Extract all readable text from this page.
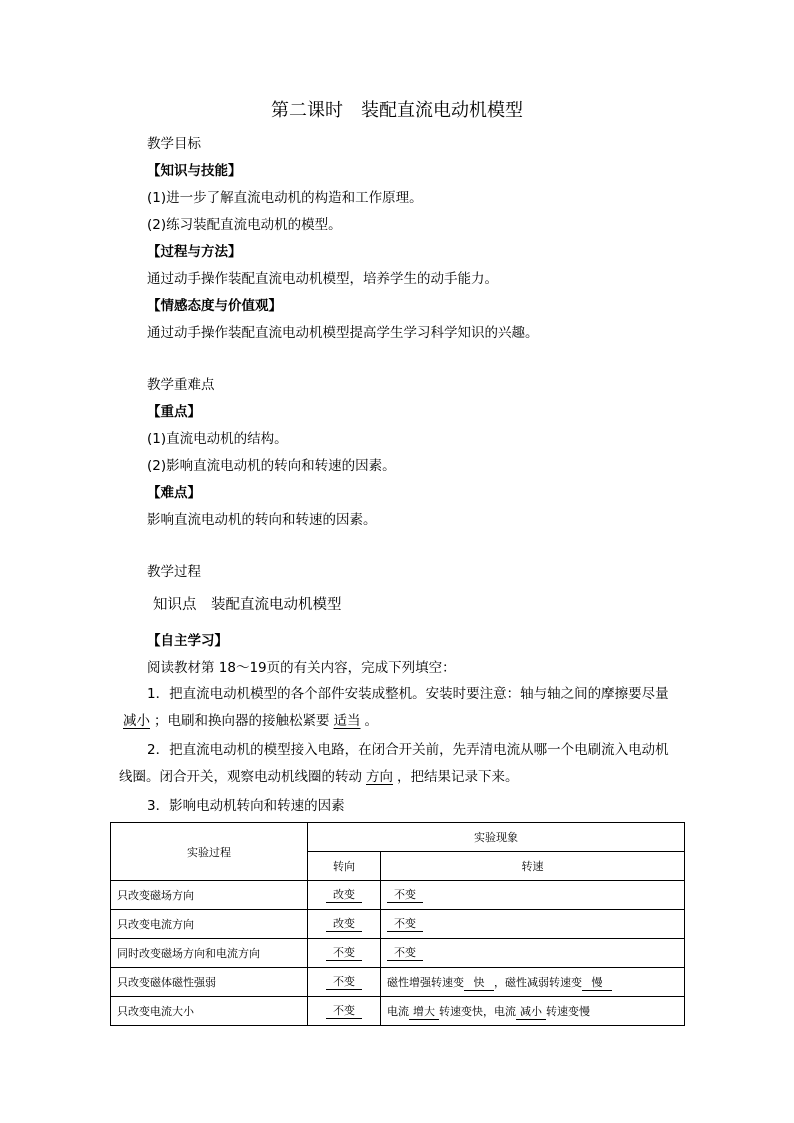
第二课时　装配直流电动机模型
教学目标
【知识与技能】
(1)进一步了解直流电动机的构造和工作原理。
(2)练习装配直流电动机的模型。
【过程与方法】
通过动手操作装配直流电动机模型，培养学生的动手能力。
【情感态度与价值观】
通过动手操作装配直流电动机模型提高学生学习科学知识的兴趣。
教学重难点
【重点】
(1)直流电动机的结构。
(2)影响直流电动机的转向和转速的因素。
【难点】
影响直流电动机的转向和转速的因素。
教学过程
知识点　装配直流电动机模型
【自主学习】
阅读教材第 18～19页的有关内容，完成下列填空：
1．把直流电动机模型的各个部件安装成整机。安装时要注意：轴与轴之间的摩擦要尽量减小 ；电刷和换向器的接触松紧要 适当 。
2．把直流电动机的模型接入电路，在闭合开关前，先弄清电流从哪一个电刷流入电动机线圈。闭合开关，观察电动机线圈的转动 方向 ，把结果记录下来。
3．影响电动机转向和转速的因素
实验过程	实验现象	
	转向	转速
只改变磁场方向	改变	不变
只改变电流方向	改变	不变
同时改变磁场方向和电流方向	不变	不变
只改变磁体磁性强弱	不变	磁性增强转速变 快 ，磁性减弱转速变 慢
只改变电流大小	不变	电流 增大 转速变快，电流 减小 转速变慢
